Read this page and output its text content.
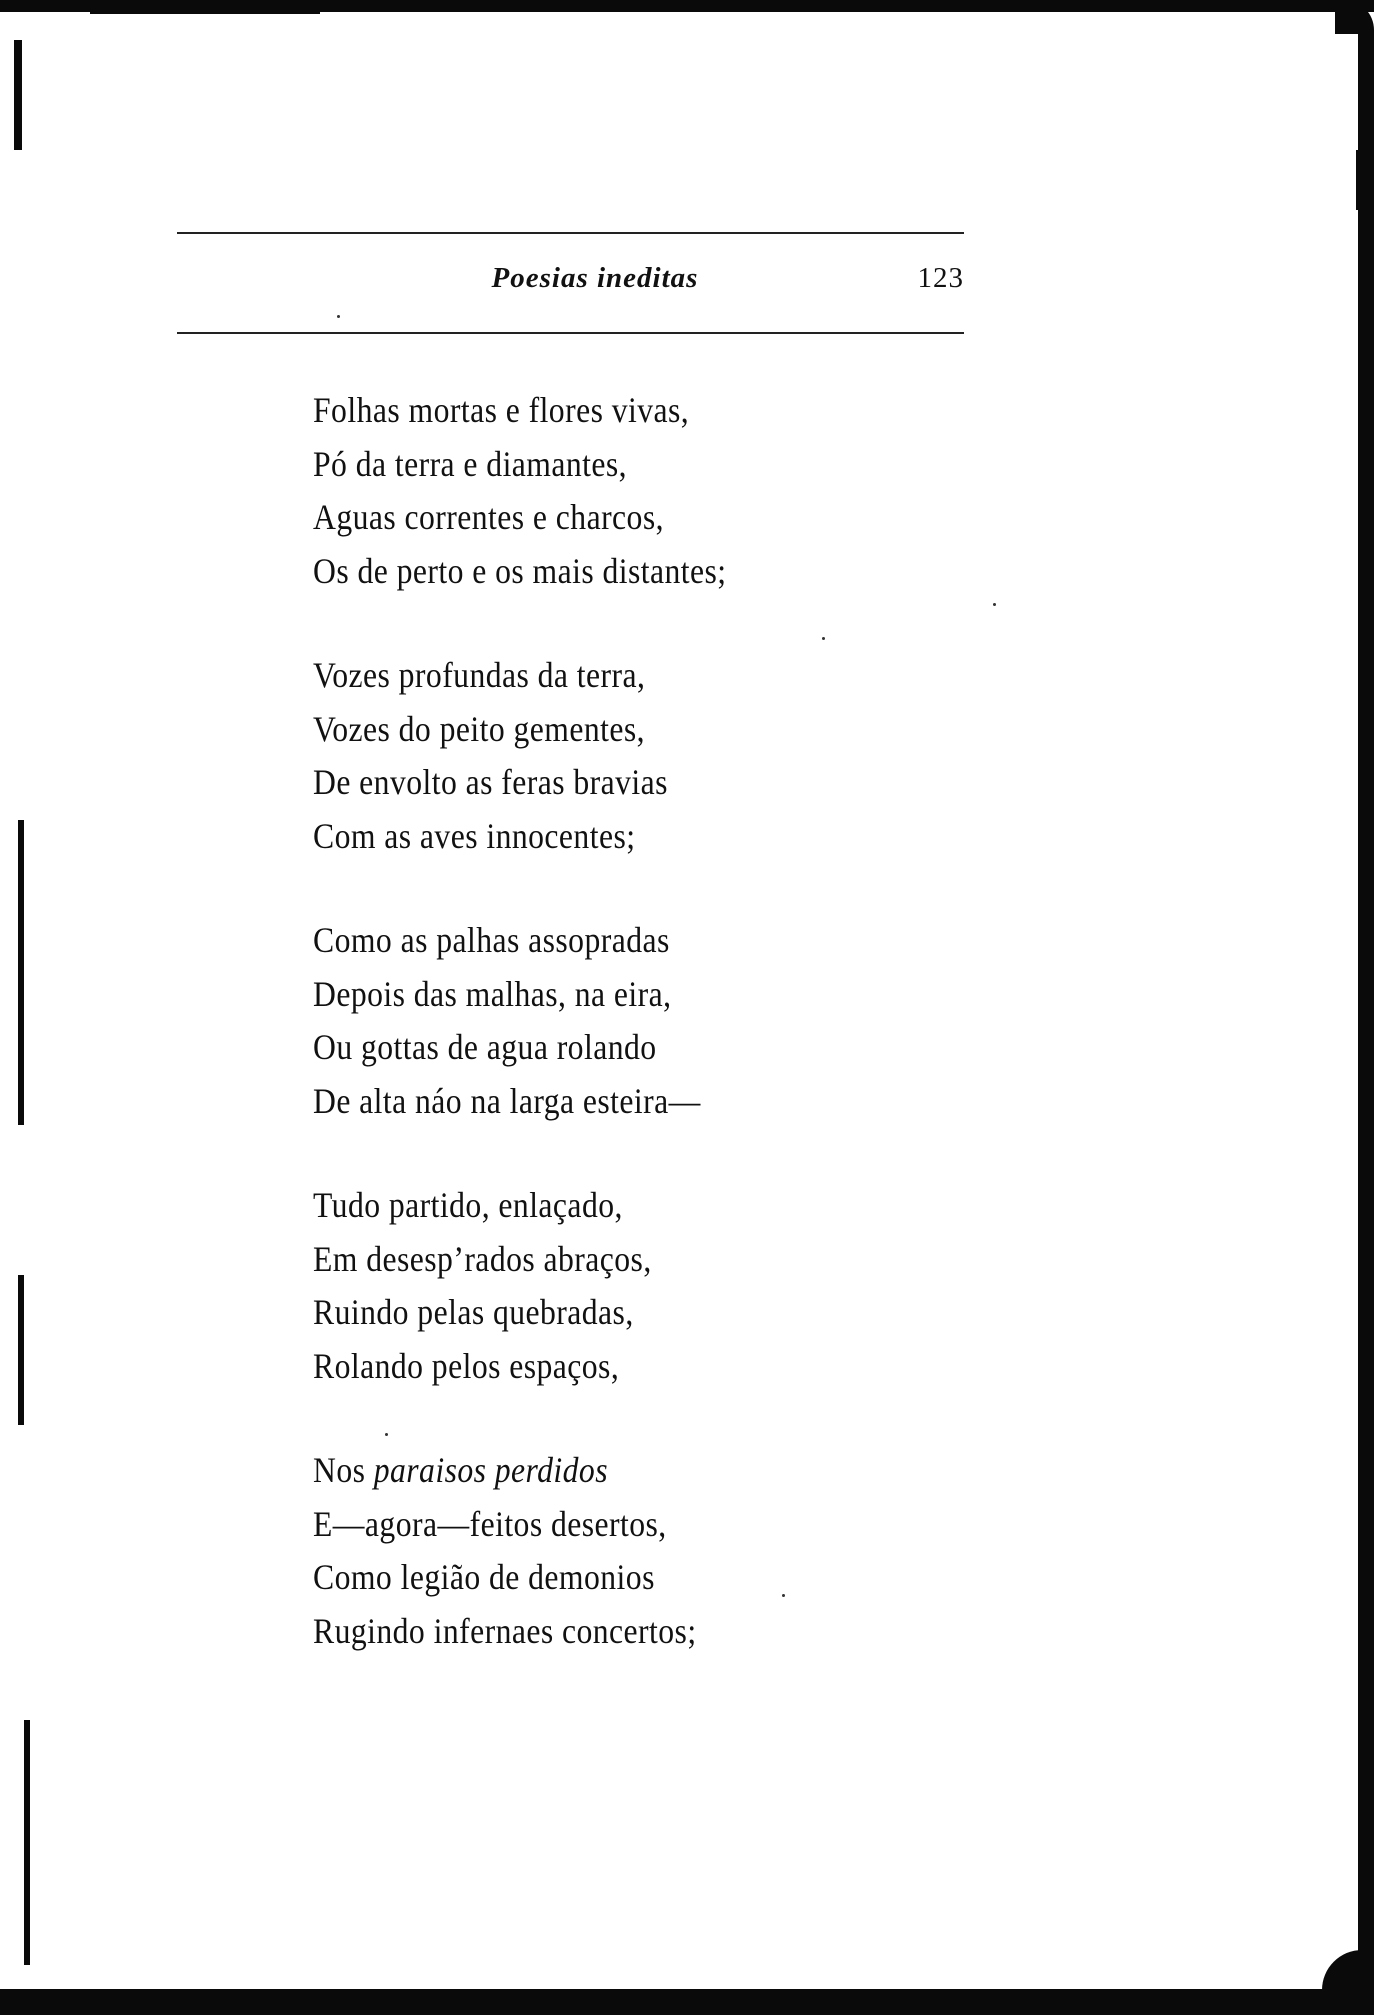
Poesias ineditas	123
Folhas mortas e flores vivas,
Pó da terra e diamantes,
Aguas correntes e charcos,
Os de perto e os mais distantes;
Vozes profundas da terra,
Vozes do peito gementes,
De envolto as feras bravias
Com as aves innocentes;
Como as palhas assopradas
Depois das malhas, na eira,
Ou gottas de agua rolando
De alta náo na larga esteira—
Tudo partido, enlaçado,
Em desesp’rados abraços,
Ruindo pelas quebradas,
Rolando pelos espaços,
Nos paraisos perdidos
E—agora—feitos desertos,
Como legião de demonios
Rugindo infernaes concertos;
